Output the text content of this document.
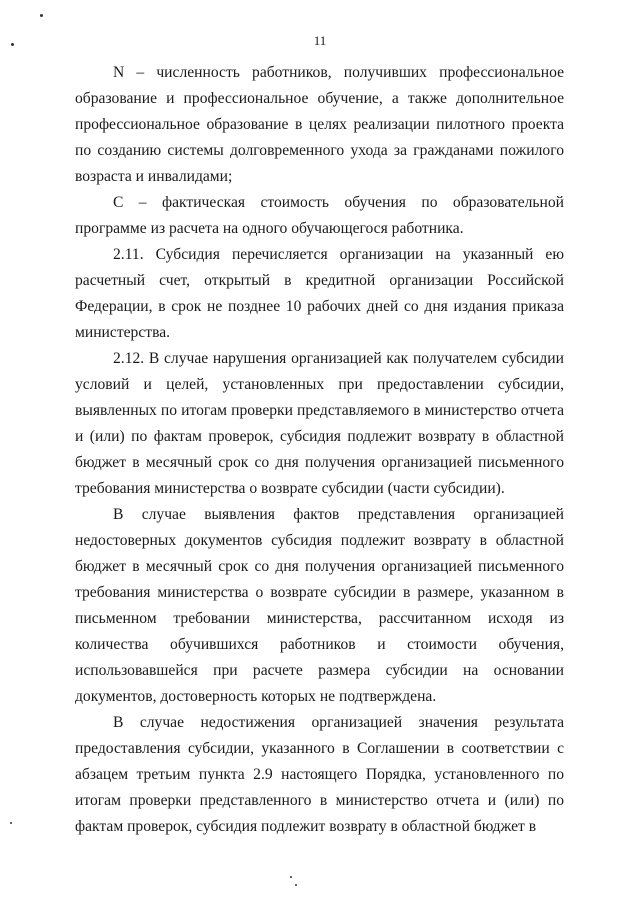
11

N – численность работников, получивших профессиональное образование и профессиональное обучение, а также дополнительное профессиональное образование в целях реализации пилотного проекта по созданию системы долговременного ухода за гражданами пожилого возраста и инвалидами;

C – фактическая стоимость обучения по образовательной программе из расчета на одного обучающегося работника.

2.11. Субсидия перечисляется организации на указанный ею расчетный счет, открытый в кредитной организации Российской Федерации, в срок не позднее 10 рабочих дней со дня издания приказа министерства.

2.12. В случае нарушения организацией как получателем субсидии условий и целей, установленных при предоставлении субсидии, выявленных по итогам проверки представляемого в министерство отчета и (или) по фактам проверок, субсидия подлежит возврату в областной бюджет в месячный срок со дня получения организацией письменного требования министерства о возврате субсидии (части субсидии).

В случае выявления фактов представления организацией недостоверных документов субсидия подлежит возврату в областной бюджет в месячный срок со дня получения организацией письменного требования министерства о возврате субсидии в размере, указанном в письменном требовании министерства, рассчитанном исходя из количества обучившихся работников и стоимости обучения, использовавшейся при расчете размера субсидии на основании документов, достоверность которых не подтверждена.

В случае недостижения организацией значения результата предоставления субсидии, указанного в Соглашении в соответствии с абзацем третьим пункта 2.9 настоящего Порядка, установленного по итогам проверки представленного в министерство отчета и (или) по фактам проверок, субсидия подлежит возврату в областной бюджет в
